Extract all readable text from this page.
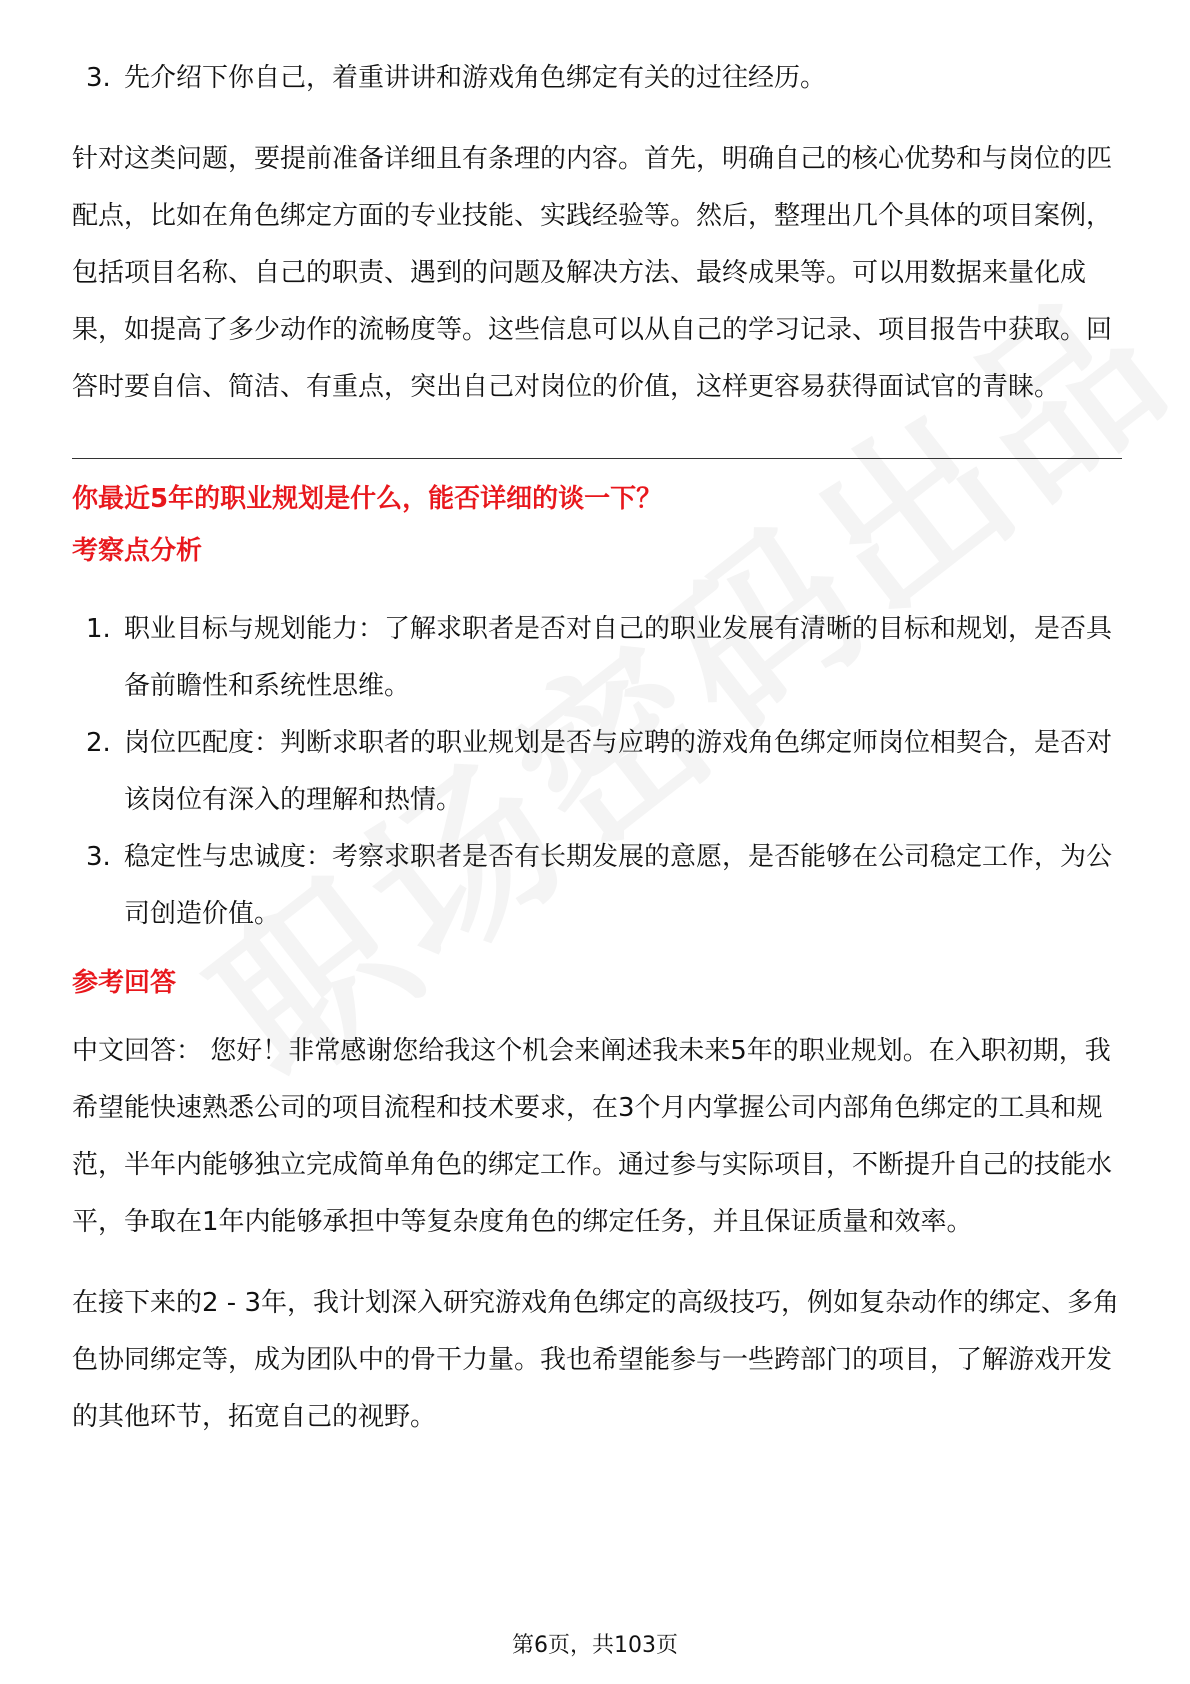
3. 先介绍下你自己，着重讲讲和游戏角色绑定有关的过往经历。
针对这类问题，要提前准备详细且有条理的内容。首先，明确自己的核心优势和与岗位的匹配点，比如在角色绑定方面的专业技能、实践经验等。然后，整理出几个具体的项目案例，包括项目名称、自己的职责、遇到的问题及解决方法、最终成果等。可以用数据来量化成果，如提高了多少动作的流畅度等。这些信息可以从自己的学习记录、项目报告中获取。回答时要自信、简洁、有重点，突出自己对岗位的价值，这样更容易获得面试官的青睐。
你最近5年的职业规划是什么，能否详细的谈一下？
考察点分析
1. 职业目标与规划能力：了解求职者是否对自己的职业发展有清晰的目标和规划，是否具备前瞻性和系统性思维。
2. 岗位匹配度：判断求职者的职业规划是否与应聘的游戏角色绑定师岗位相契合，是否对该岗位有深入的理解和热情。
3. 稳定性与忠诚度：考察求职者是否有长期发展的意愿，是否能够在公司稳定工作，为公司创造价值。
参考回答
中文回答： 您好！非常感谢您给我这个机会来阐述我未来5年的职业规划。在入职初期，我希望能快速熟悉公司的项目流程和技术要求，在3个月内掌握公司内部角色绑定的工具和规范，半年内能够独立完成简单角色的绑定工作。通过参与实际项目，不断提升自己的技能水平，争取在1年内能够承担中等复杂度角色的绑定任务，并且保证质量和效率。
在接下来的2 - 3年，我计划深入研究游戏角色绑定的高级技巧，例如复杂动作的绑定、多角色协同绑定等，成为团队中的骨干力量。我也希望能参与一些跨部门的项目，了解游戏开发的其他环节，拓宽自己的视野。
第6页，共103页
